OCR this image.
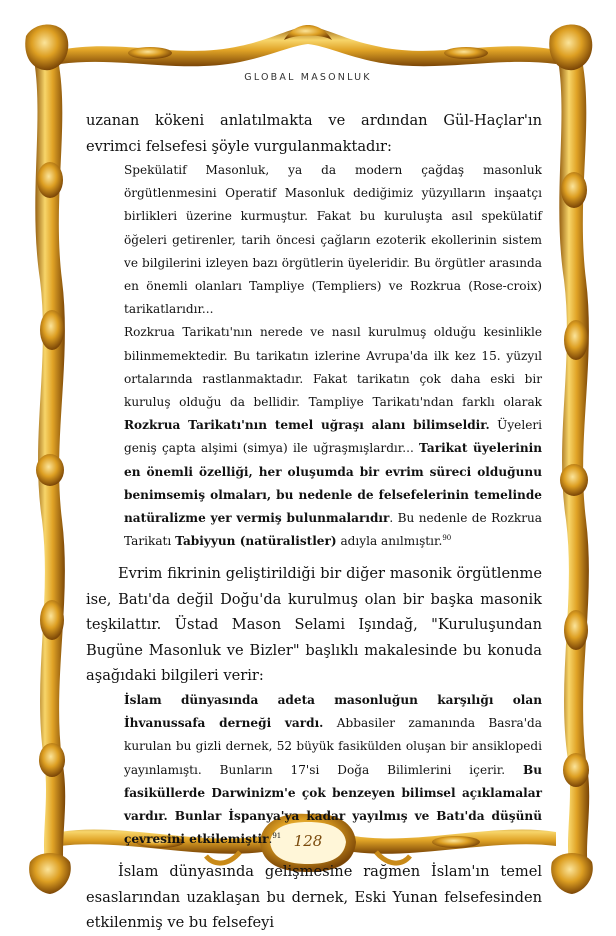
GLOBAL MASONLUK

uzanan kökeni anlatılmakta ve ardından Gül-Haçlar'ın evrimci felsefesi şöyle vurgulanmaktadır:

Spekülatif Masonluk, ya da modern çağdaş masonluk örgütlenmesini Operatif Masonluk dediğimiz yüzyılların inşaatçı birlikleri üzerine kurmuştur. Fakat bu kuruluşta asıl spekülatif öğeleri getirenler, tarih öncesi çağların ezoterik ekollerinin sistem ve bilgilerini izleyen bazı örgütlerin üyeleridir. Bu örgütler arasında en önemli olanları Tampliye (Templiers) ve Rozkrua (Rose-croix) tarikatlarıdır...

Rozkrua Tarikatı'nın nerede ve nasıl kurulmuş olduğu kesinlikle bilinmemektedir. Bu tarikatın izlerine Avrupa'da ilk kez 15. yüzyıl ortalarında rastlanmaktadır. Fakat tarikatın çok daha eski bir kuruluş olduğu da bellidir. Tampliye Tarikatı'ndan farklı olarak Rozkrua Tarikatı'nın temel uğraşı alanı bilimseldir. Üyeleri geniş çapta alşimi (simya) ile uğraşmışlardır... Tarikat üyelerinin en önemli özelliği, her oluşumda bir evrim süreci olduğunu benimsemiş olmaları, bu nedenle de felsefelerinin temelinde natüralizme yer vermiş bulunmalarıdır. Bu nedenle de Rozkrua Tarikatı Tabiyyun (natüralistler) adıyla anılmıştır.$^{90}$

Evrim fikrinin geliştirildiği bir diğer masonik örgütlenme ise, Batı'da değil Doğu'da kurulmuş olan bir başka masonik teşkilattır. Üstad Mason Selami Işındağ, "Kuruluşundan Bugüne Masonluk ve Bizler" başlıklı makalesinde bu konuda aşağıdaki bilgileri verir:

İslam dünyasında adeta masonluğun karşılığı olan İhvanussafa derneği vardı. Abbasiler zamanında Basra'da kurulan bu gizli dernek, 52 büyük fasikülden oluşan bir ansiklopedi yayınlamıştı. Bunların 17'si Doğa Bilimlerini içerir. Bu fasiküllerde Darwinizm'e çok benzeyen bilimsel açıklamalar vardır. Bunlar İspanya'ya kadar yayılmış ve Batı'da düşünü çevresini etkilemiştir.$^{91}$

İslam dünyasında gelişmesine rağmen İslam'ın temel esaslarından uzaklaşan bu dernek, Eski Yunan felsefesinden etkilenmiş ve bu felsefeyi

128
